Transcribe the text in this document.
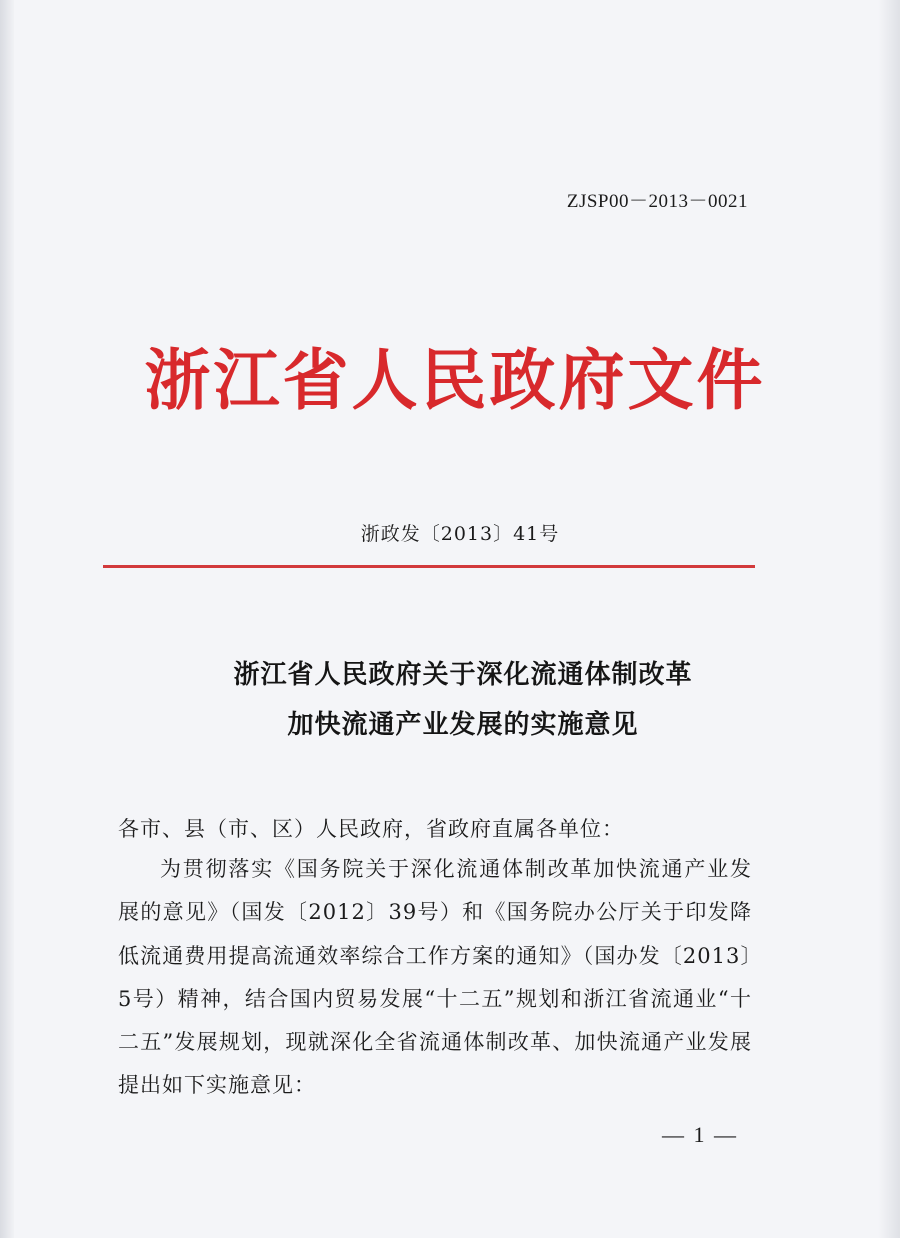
ZJSP00－2013－0021
浙江省人民政府文件
浙政发〔2013〕41号
浙江省人民政府关于深化流通体制改革
加快流通产业发展的实施意见
各市、县（市、区）人民政府，省政府直属各单位：

为贯彻落实《国务院关于深化流通体制改革加快流通产业发展的意见》（国发〔2012〕39号）和《国务院办公厅关于印发降低流通费用提高流通效率综合工作方案的通知》（国办发〔2013〕5号）精神，结合国内贸易发展“十二五”规划和浙江省流通业“十二五”发展规划，现就深化全省流通体制改革、加快流通产业发展提出如下实施意见：

— 1 —
